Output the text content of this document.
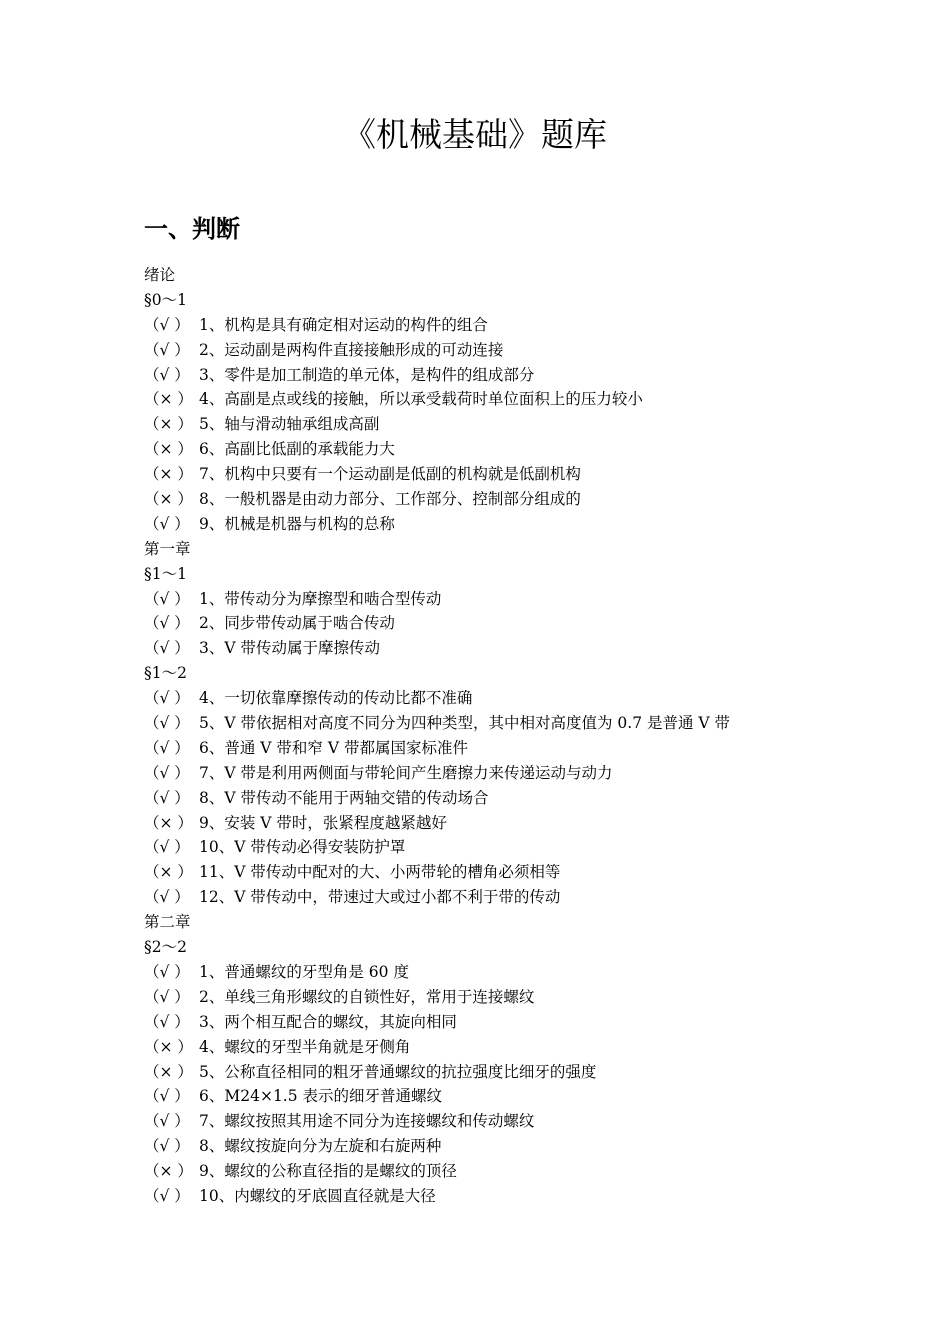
《机械基础》题库
一、判断
绪论
§0～1
（√ ） 1、机构是具有确定相对运动的构件的组合
（√ ） 2、运动副是两构件直接接触形成的可动连接
（√ ） 3、零件是加工制造的单元体，是构件的组成部分
（× ） 4、高副是点或线的接触，所以承受载荷时单位面积上的压力较小
（× ） 5、轴与滑动轴承组成高副
（× ） 6、高副比低副的承载能力大
（× ） 7、机构中只要有一个运动副是低副的机构就是低副机构
（× ） 8、一般机器是由动力部分、工作部分、控制部分组成的
（√ ） 9、机械是机器与机构的总称
第一章
§1～1
（√ ） 1、带传动分为摩擦型和啮合型传动
（√ ） 2、同步带传动属于啮合传动
（√ ） 3、V 带传动属于摩擦传动
§1～2
（√ ） 4、一切依靠摩擦传动的传动比都不准确
（√ ） 5、V 带依据相对高度不同分为四种类型，其中相对高度值为 0.7 是普通 V 带
（√ ） 6、普通 V 带和窄 V 带都属国家标准件
（√ ） 7、V 带是利用两侧面与带轮间产生磨擦力来传递运动与动力
（√ ） 8、V 带传动不能用于两轴交错的传动场合
（× ） 9、安装 V 带时，张紧程度越紧越好
（√ ） 10、V 带传动必得安装防护罩
（× ） 11、V 带传动中配对的大、小两带轮的槽角必须相等
（√ ） 12、V 带传动中，带速过大或过小都不利于带的传动
第二章
§2～2
（√ ） 1、普通螺纹的牙型角是 60 度
（√ ） 2、单线三角形螺纹的自锁性好，常用于连接螺纹
（√ ） 3、两个相互配合的螺纹，其旋向相同
（× ） 4、螺纹的牙型半角就是牙侧角
（× ） 5、公称直径相同的粗牙普通螺纹的抗拉强度比细牙的强度
（√ ） 6、M24×1.5 表示的细牙普通螺纹
（√ ） 7、螺纹按照其用途不同分为连接螺纹和传动螺纹
（√ ） 8、螺纹按旋向分为左旋和右旋两种
（× ） 9、螺纹的公称直径指的是螺纹的顶径
（√ ） 10、内螺纹的牙底圆直径就是大径
